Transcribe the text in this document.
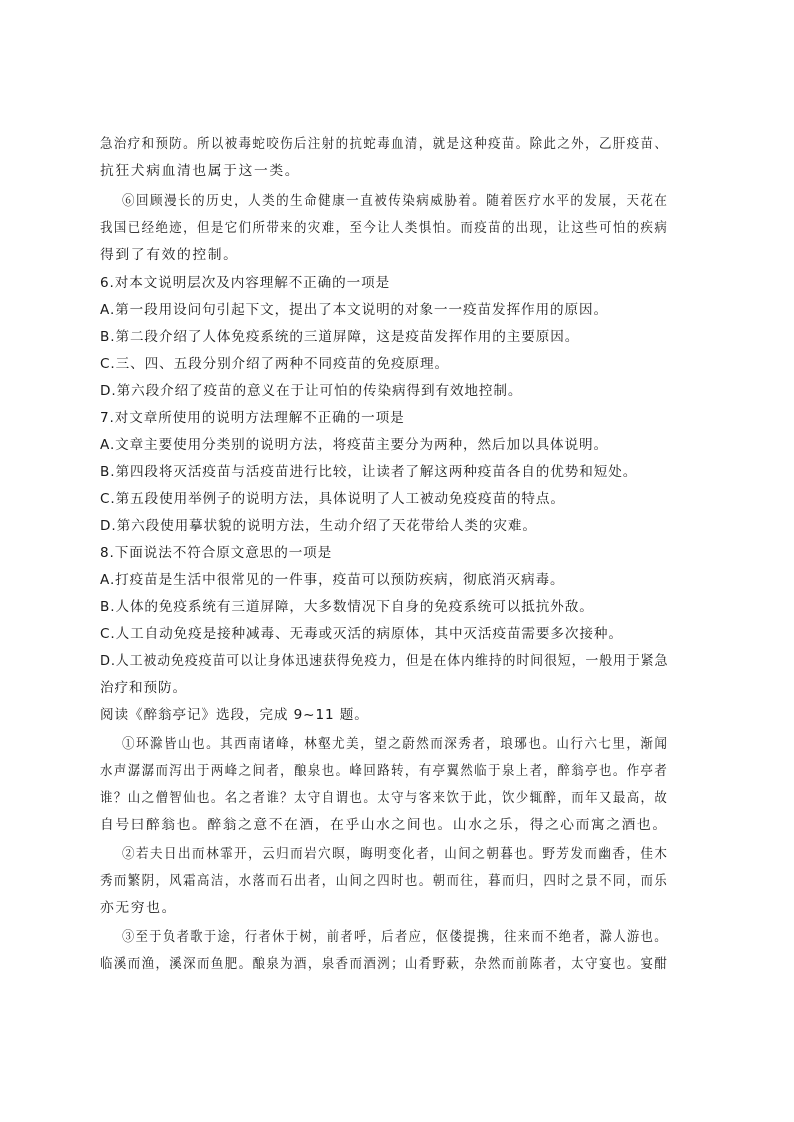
急治疗和预防。所以被毒蛇咬伤后注射的抗蛇毒血清，就是这种疫苗。除此之外，乙肝疫苗、
抗狂犬病血清也属于这一类。
⑥回顾漫长的历史，人类的生命健康一直被传染病威胁着。随着医疗水平的发展，天花在
我国已经绝迹，但是它们所带来的灾难，至今让人类惧怕。而疫苗的出现，让这些可怕的疾病
得到了有效的控制。
6.对本文说明层次及内容理解不正确的一项是
A.第一段用设问句引起下文，提出了本文说明的对象一一疫苗发挥作用的原因。
B.第二段介绍了人体免疫系统的三道屏障，这是疫苗发挥作用的主要原因。
C.三、四、五段分别介绍了两种不同疫苗的免疫原理。
D.第六段介绍了疫苗的意义在于让可怕的传染病得到有效地控制。
7.对文章所使用的说明方法理解不正确的一项是
A.文章主要使用分类别的说明方法，将疫苗主要分为两种，然后加以具体说明。
B.第四段将灭活疫苗与活疫苗进行比较，让读者了解这两种疫苗各自的优势和短处。
C.第五段使用举例子的说明方法，具体说明了人工被动免疫疫苗的特点。
D.第六段使用摹状貌的说明方法，生动介绍了天花带给人类的灾难。
8.下面说法不符合原文意思的一项是
A.打疫苗是生活中很常见的一件事，疫苗可以预防疾病，彻底消灭病毒。
B.人体的免疫系统有三道屏障，大多数情况下自身的免疫系统可以抵抗外敌。
C.人工自动免疫是接种减毒、无毒或灭活的病原体，其中灭活疫苗需要多次接种。
D.人工被动免疫疫苗可以让身体迅速获得免疫力，但是在体内维持的时间很短，一般用于紧急
治疗和预防。
阅读《醉翁亭记》选段，完成 9~11 题。
①环滁皆山也。其西南诸峰，林壑尤美，望之蔚然而深秀者，琅琊也。山行六七里，渐闻
水声潺潺而泻出于两峰之间者，酿泉也。峰回路转，有亭翼然临于泉上者，醉翁亭也。作亭者
谁？山之僧智仙也。名之者谁？太守自谓也。太守与客来饮于此，饮少辄醉，而年又最高，故
自号曰醉翁也。醉翁之意不在酒，在乎山水之间也。山水之乐，得之心而寓之酒也。
②若夫日出而林霏开，云归而岩穴暝，晦明变化者，山间之朝暮也。野芳发而幽香，佳木
秀而繁阴，风霜高洁，水落而石出者，山间之四时也。朝而往，暮而归，四时之景不同，而乐
亦无穷也。
③至于负者歌于途，行者休于树，前者呼，后者应，伛偻提携，往来而不绝者，滁人游也。
临溪而渔，溪深而鱼肥。酿泉为酒，泉香而酒洌；山肴野蔌，杂然而前陈者，太守宴也。宴酣
